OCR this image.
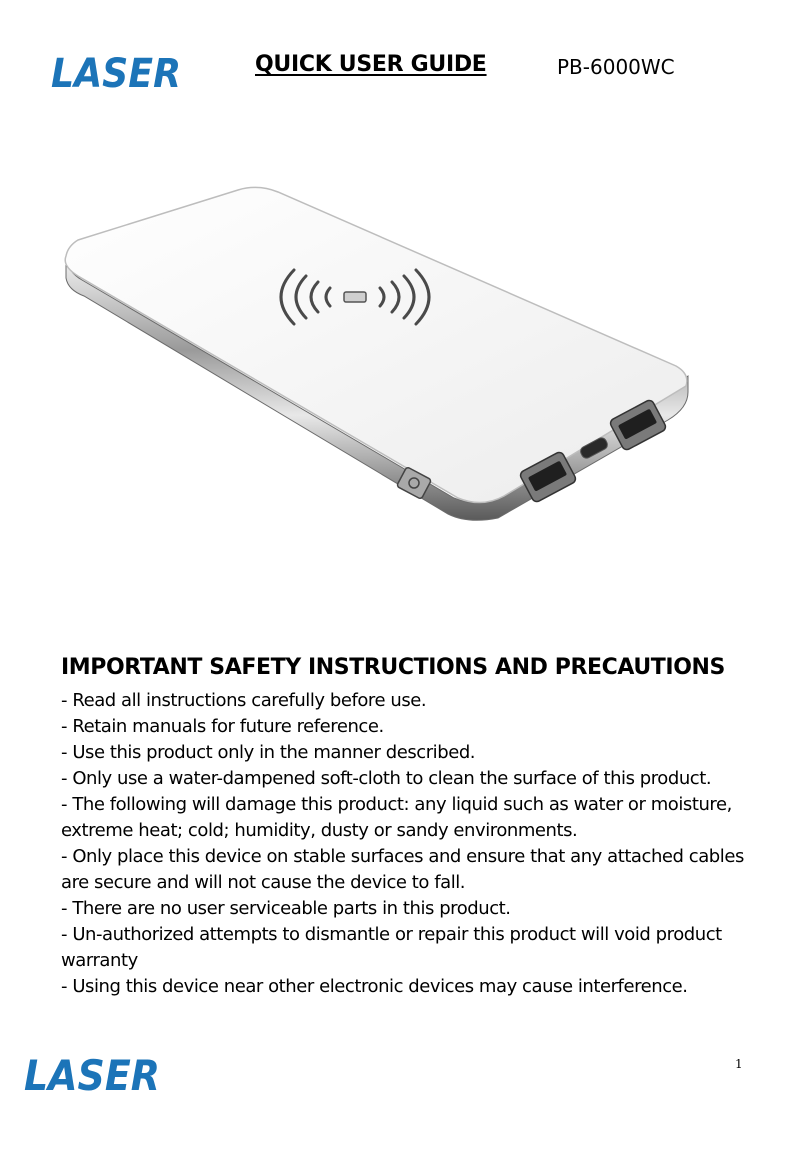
LASER	QUICK USER GUIDE	PB-6000WC
IMPORTANT SAFETY INSTRUCTIONS AND PRECAUTIONS
- Read all instructions carefully before use.
- Retain manuals for future reference.
- Use this product only in the manner described.
- Only use a water-dampened soft-cloth to clean the surface of this product.
- The following will damage this product: any liquid such as water or moisture, extreme heat; cold; humidity, dusty or sandy environments.
- Only place this device on stable surfaces and ensure that any attached cables are secure and will not cause the device to fall.
- There are no user serviceable parts in this product.
- Un-authorized attempts to dismantle or repair this product will void product warranty
- Using this device near other electronic devices may cause interference.
LASER	1
